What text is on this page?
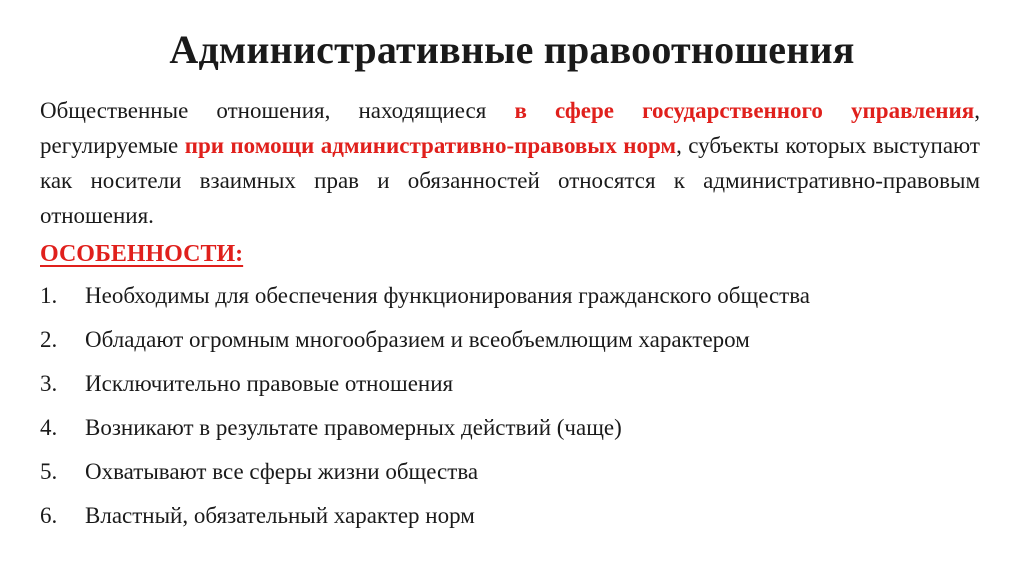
Административные правоотношения
Общественные отношения, находящиеся в сфере государственного управления, регулируемые при помощи административно-правовых норм, субъекты которых выступают как носители взаимных прав и обязанностей относятся к административно-правовым отношения.
ОСОБЕННОСТИ:
1.	Необходимы для обеспечения функционирования гражданского общества
2.	Обладают огромным многообразием и всеобъемлющим характером
3.	Исключительно правовые отношения
4.	Возникают в результате правомерных действий (чаще)
5.	Охватывают все сферы жизни общества
6.	Властный, обязательный характер норм
